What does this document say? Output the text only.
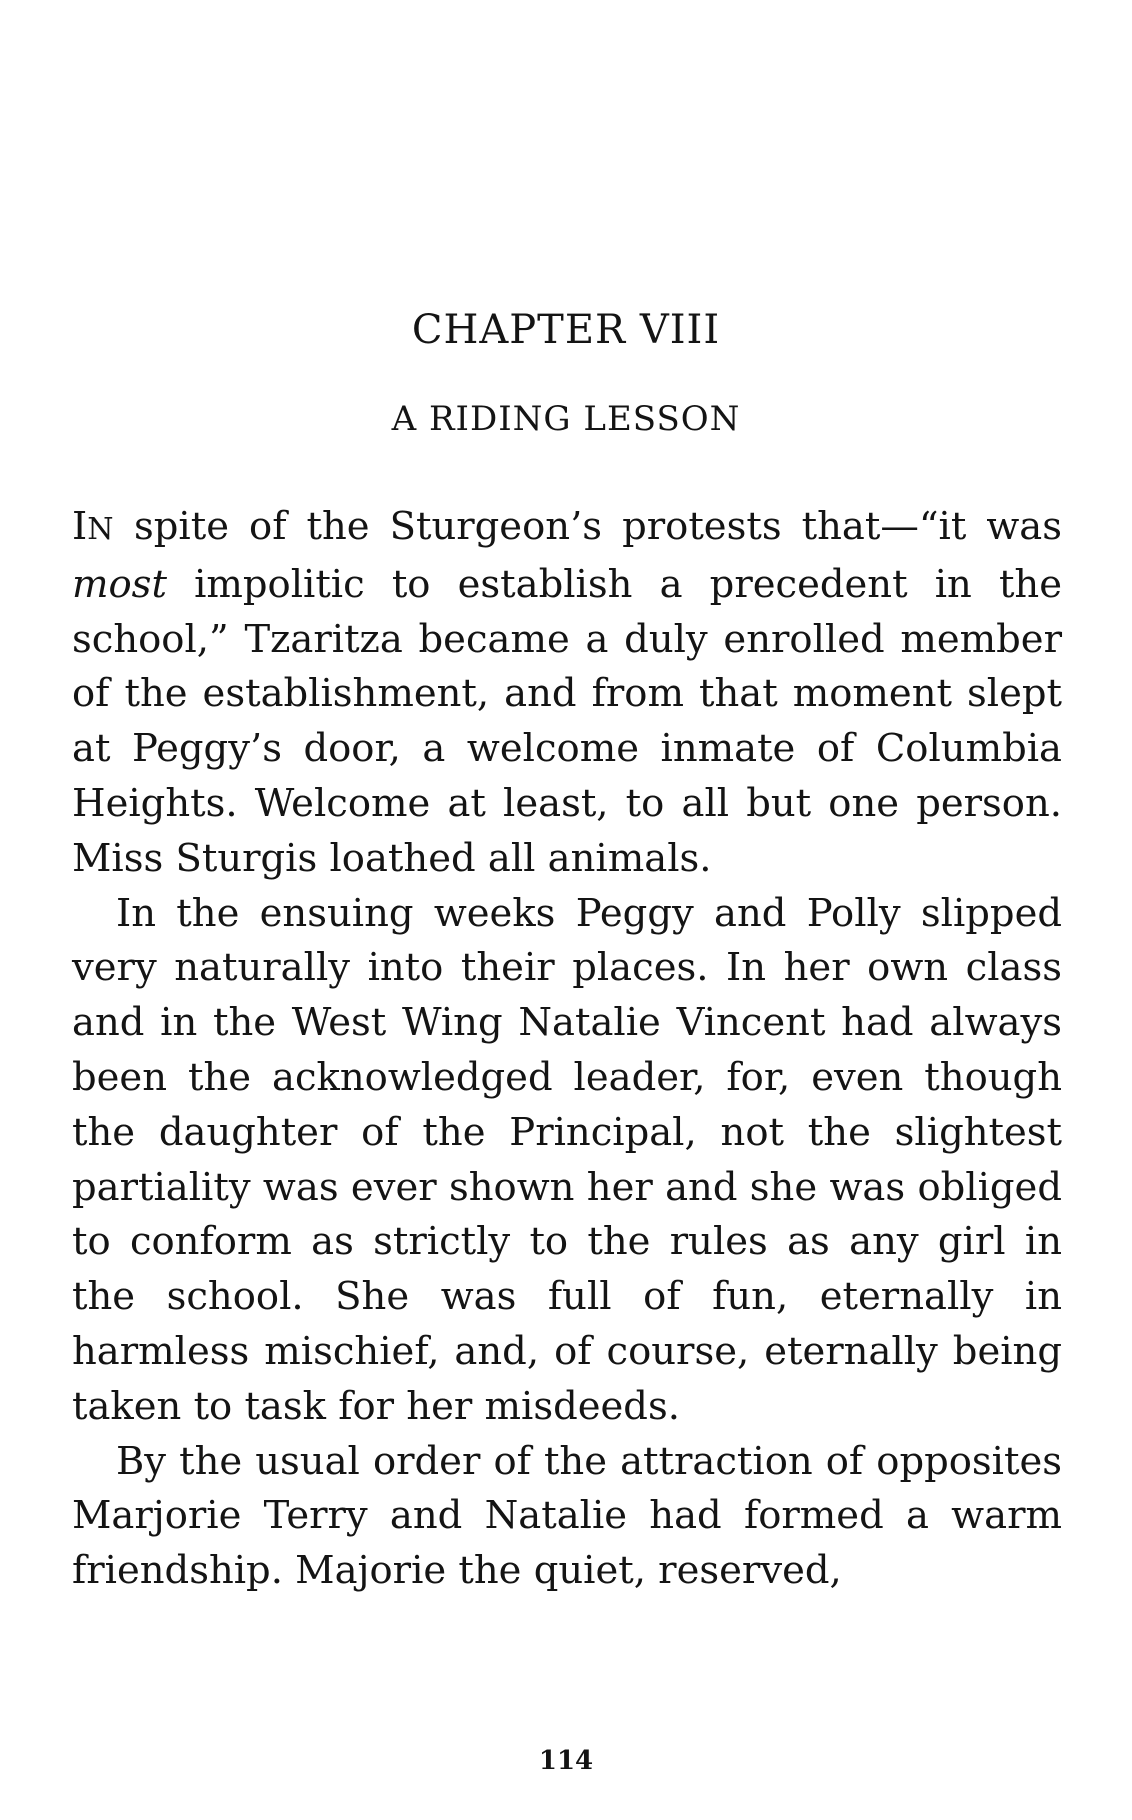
CHAPTER VIII
A RIDING LESSON

IN spite of the Sturgeon’s protests that—“it was most impolitic to establish a precedent in the school,” Tzaritza became a duly enrolled member of the establishment, and from that moment slept at Peggy’s door, a welcome inmate of Columbia Heights. Welcome at least, to all but one person. Miss Sturgis loathed all animals.

In the ensuing weeks Peggy and Polly slipped very naturally into their places. In her own class and in the West Wing Natalie Vincent had always been the acknowledged leader, for, even though the daughter of the Principal, not the slightest partiality was ever shown her and she was obliged to conform as strictly to the rules as any girl in the school. She was full of fun, eternally in harmless mischief, and, of course, eternally being taken to task for her misdeeds.

By the usual order of the attraction of opposites Marjorie Terry and Natalie had formed a warm friendship. Majorie the quiet, reserved,

114
